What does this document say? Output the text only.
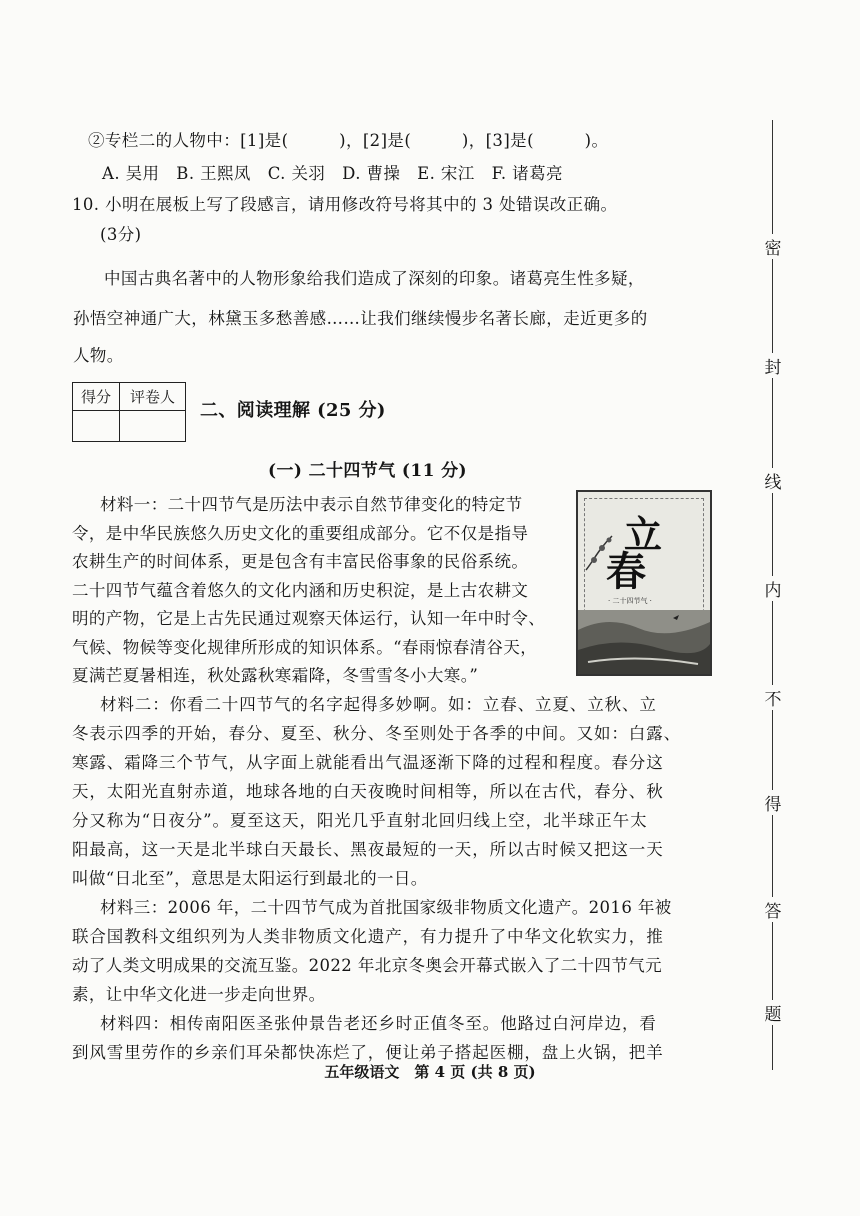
②专栏二的人物中：[1]是(　　　)，[2]是(　　　)，[3]是(　　　)。
A. 吴用　B. 王熙凤　C. 关羽　D. 曹操　E. 宋江　F. 诸葛亮
10. 小明在展板上写了段感言，请用修改符号将其中的 3 处错误改正确。
(3分)
中国古典名著中的人物形象给我们造成了深刻的印象。诸葛亮生性多疑，
孙悟空神通广大，林黛玉多愁善感……让我们继续慢步名著长廊，走近更多的
人物。
得分	评卷人
二、阅读理解 (25 分)
(一) 二十四节气 (11 分)
立
春
· 二十四节气 ·
材料一：二十四节气是历法中表示自然节律变化的特定节
令，是中华民族悠久历史文化的重要组成部分。它不仅是指导
农耕生产的时间体系，更是包含有丰富民俗事象的民俗系统。
二十四节气蕴含着悠久的文化内涵和历史积淀，是上古农耕文
明的产物，它是上古先民通过观察天体运行，认知一年中时令、
气候、物候等变化规律所形成的知识体系。“春雨惊春清谷天，
夏满芒夏暑相连，秋处露秋寒霜降，冬雪雪冬小大寒。”
材料二：你看二十四节气的名字起得多妙啊。如：立春、立夏、立秋、立
冬表示四季的开始，春分、夏至、秋分、冬至则处于各季的中间。又如：白露、
寒露、霜降三个节气，从字面上就能看出气温逐渐下降的过程和程度。春分这
天，太阳光直射赤道，地球各地的白天夜晚时间相等，所以在古代，春分、秋
分又称为“日夜分”。夏至这天，阳光几乎直射北回归线上空，北半球正午太
阳最高，这一天是北半球白天最长、黑夜最短的一天，所以古时候又把这一天
叫做“日北至”，意思是太阳运行到最北的一日。
材料三：2006 年，二十四节气成为首批国家级非物质文化遗产。2016 年被
联合国教科文组织列为人类非物质文化遗产，有力提升了中华文化软实力，推
动了人类文明成果的交流互鉴。2022 年北京冬奥会开幕式嵌入了二十四节气元
素，让中华文化进一步走向世界。
材料四：相传南阳医圣张仲景告老还乡时正值冬至。他路过白河岸边，看
到风雪里劳作的乡亲们耳朵都快冻烂了，便让弟子搭起医棚，盘上火锅，把羊
五年级语文　第 4 页 (共 8 页)
密
封
线
内
不
得
答
题
